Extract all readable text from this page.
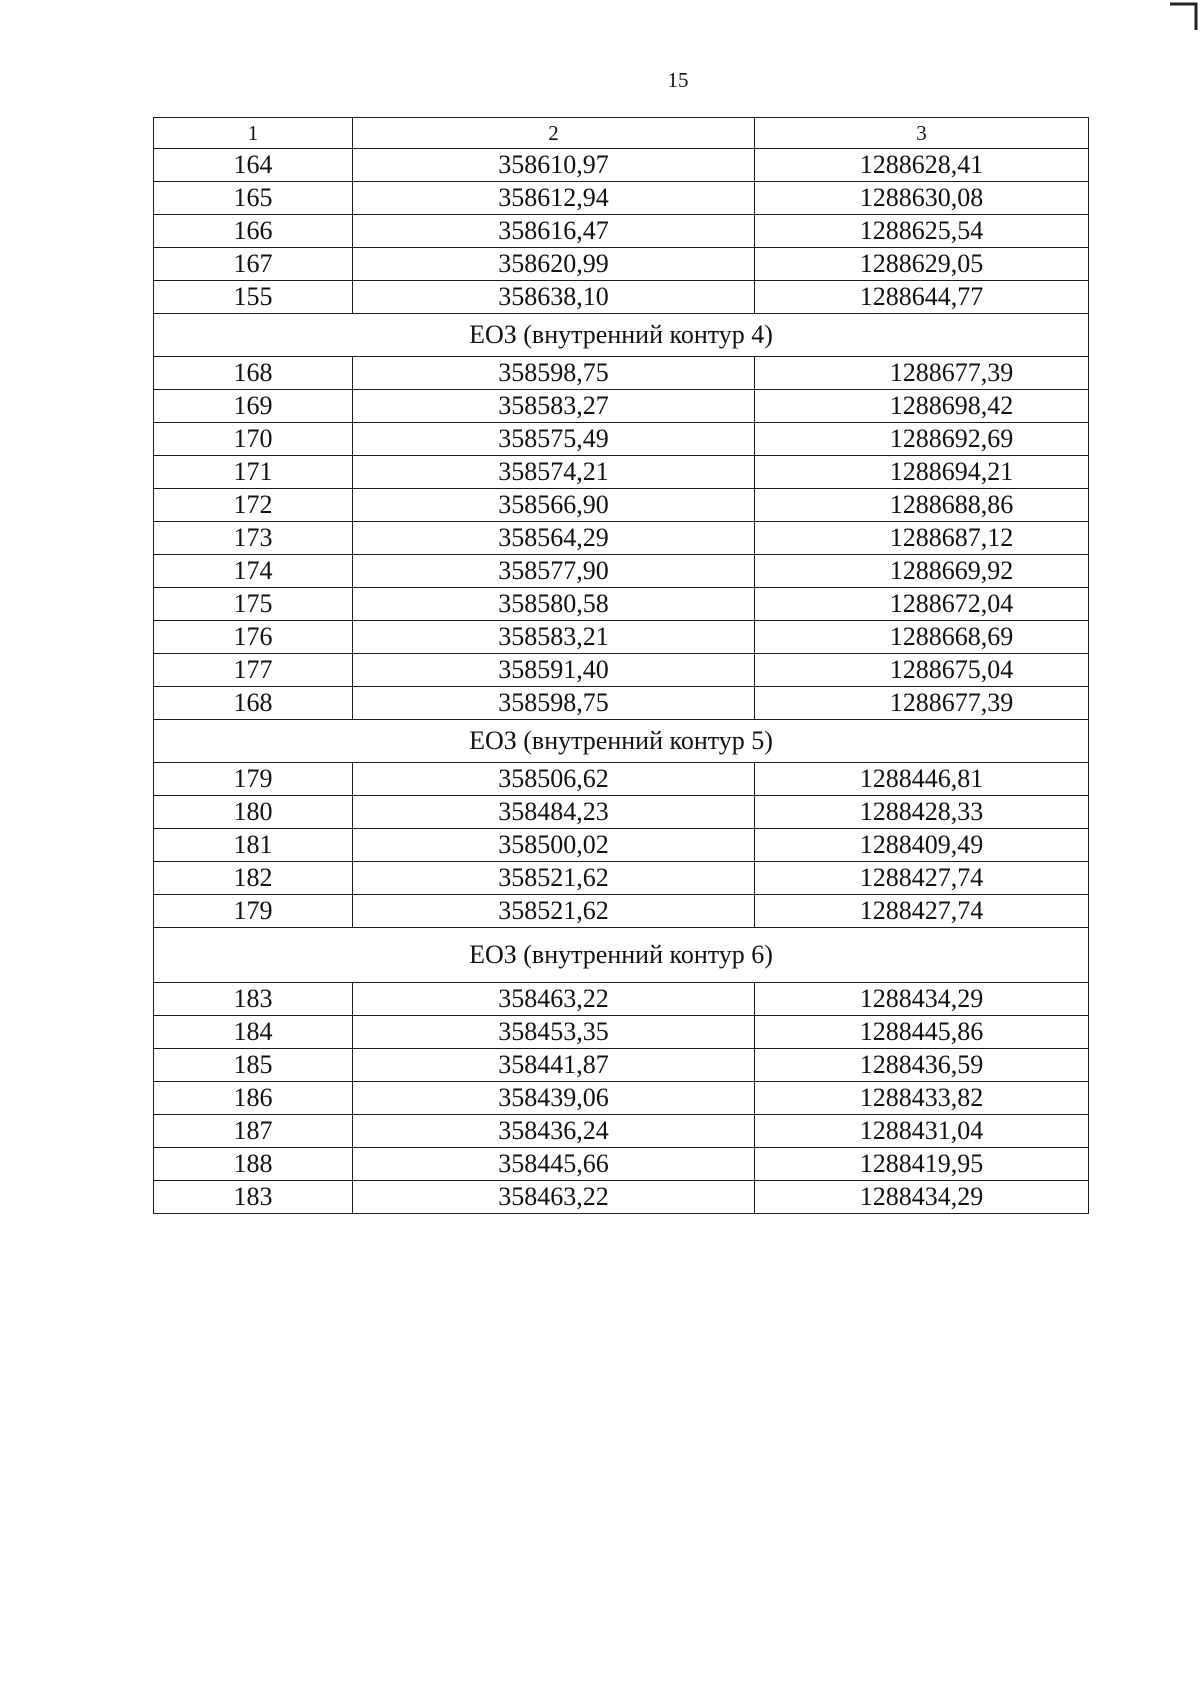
15
1	2	3
164	358610,97	1288628,41
165	358612,94	1288630,08
166	358616,47	1288625,54
167	358620,99	1288629,05
155	358638,10	1288644,77
ЕОЗ (внутренний контур 4)		
168	358598,75	1288677,39
169	358583,27	1288698,42
170	358575,49	1288692,69
171	358574,21	1288694,21
172	358566,90	1288688,86
173	358564,29	1288687,12
174	358577,90	1288669,92
175	358580,58	1288672,04
176	358583,21	1288668,69
177	358591,40	1288675,04
168	358598,75	1288677,39
ЕОЗ (внутренний контур 5)		
179	358506,62	1288446,81
180	358484,23	1288428,33
181	358500,02	1288409,49
182	358521,62	1288427,74
179	358521,62	1288427,74
ЕОЗ (внутренний контур 6)		
183	358463,22	1288434,29
184	358453,35	1288445,86
185	358441,87	1288436,59
186	358439,06	1288433,82
187	358436,24	1288431,04
188	358445,66	1288419,95
183	358463,22	1288434,29
